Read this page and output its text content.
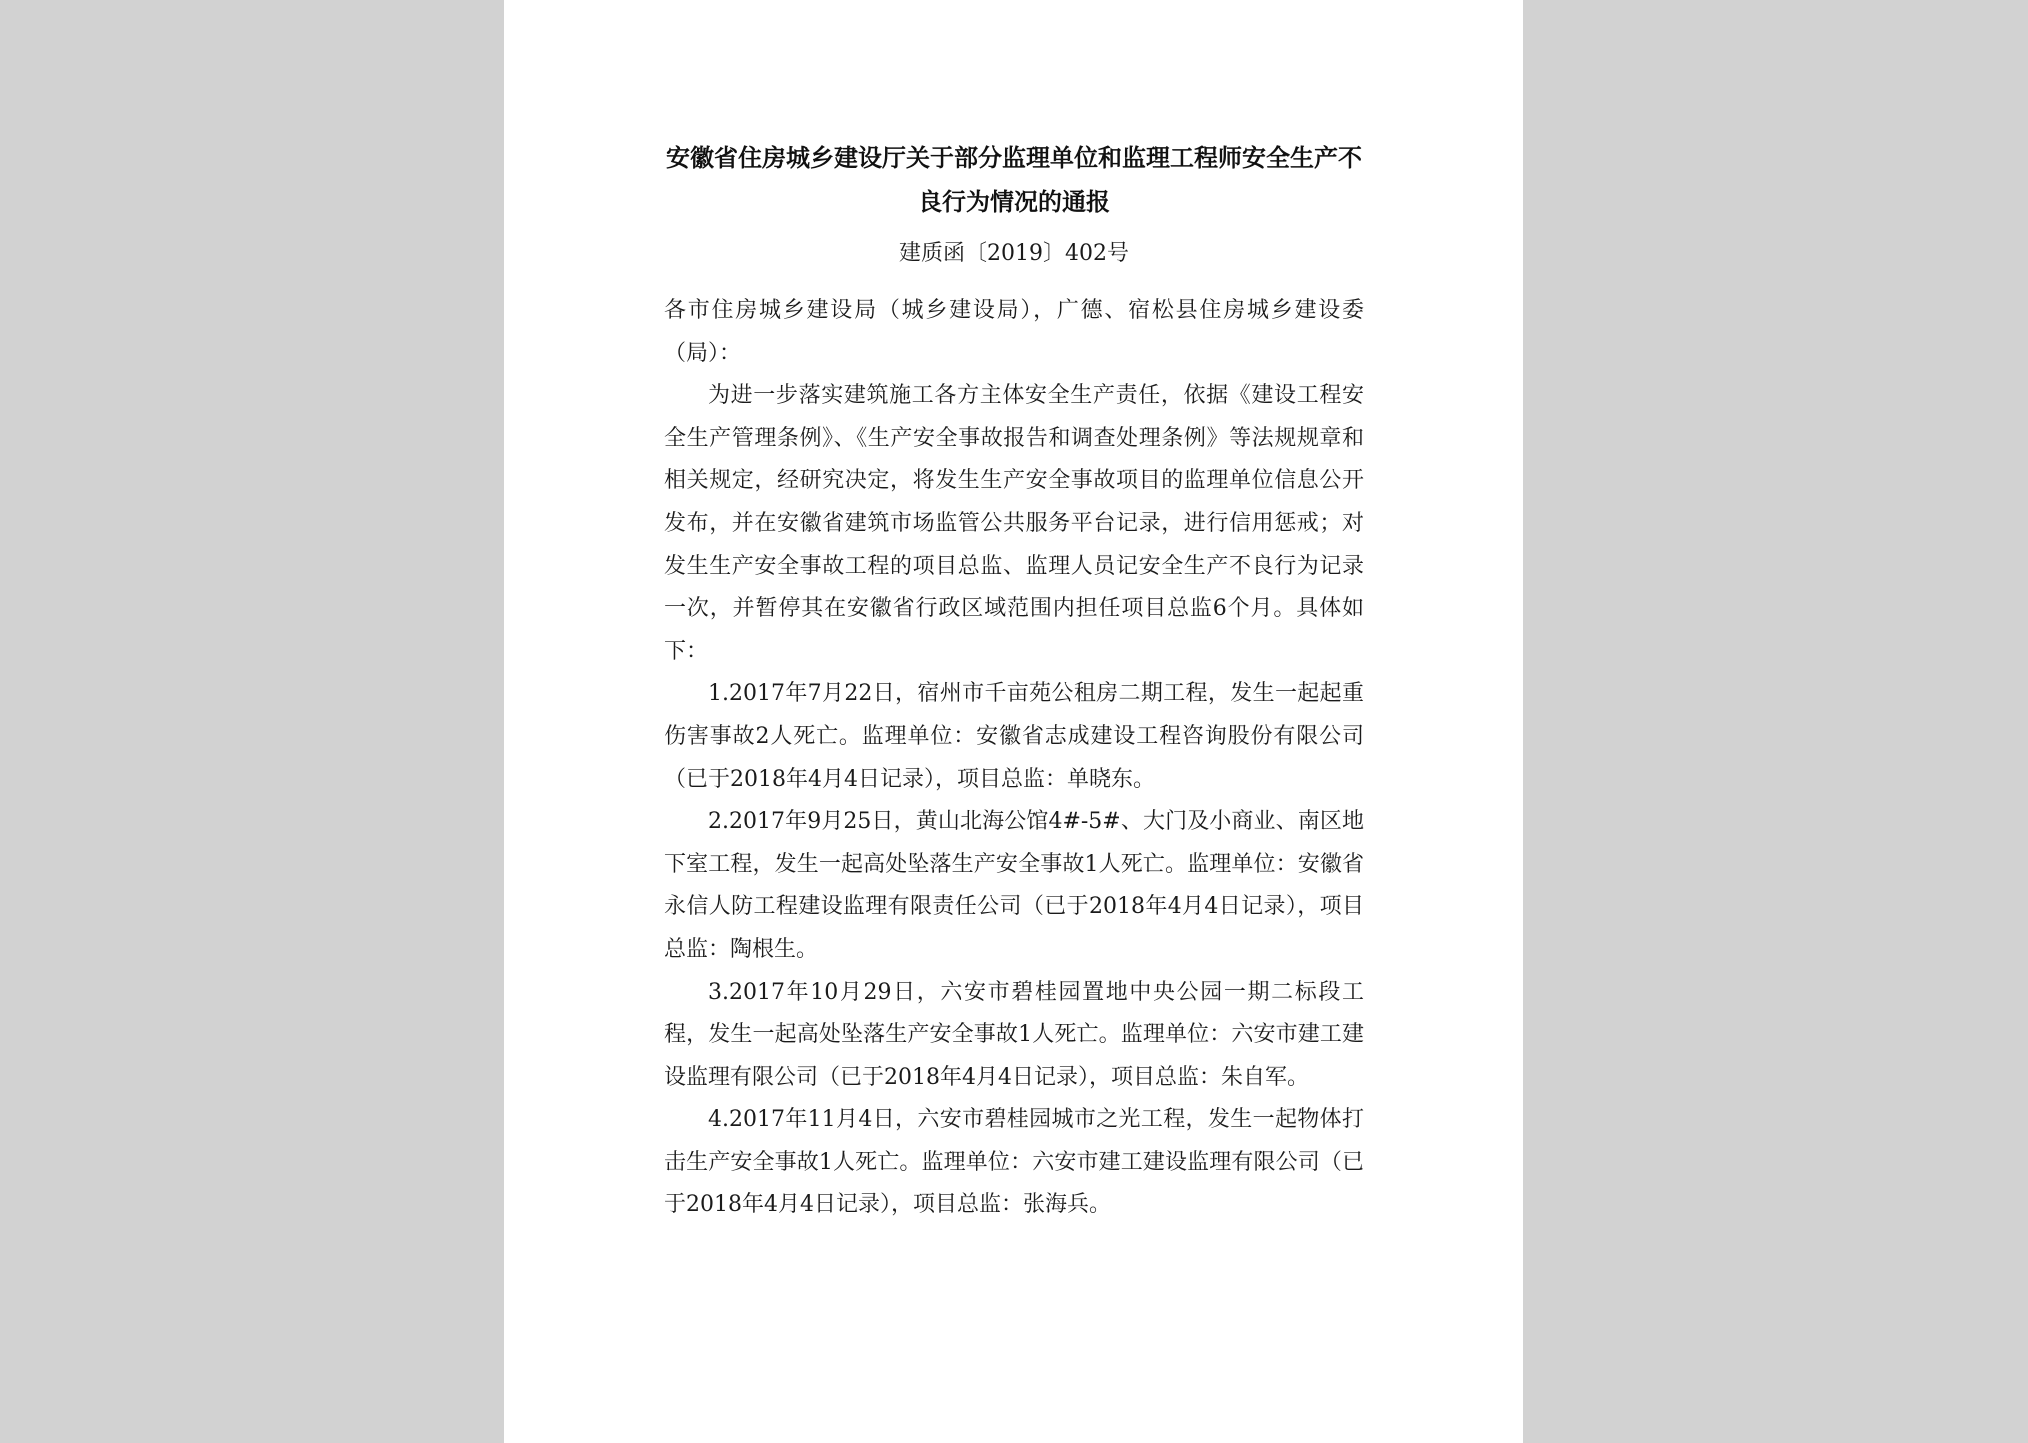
安徽省住房城乡建设厅关于部分监理单位和监理工程师安全生产不良行为情况的通报
建质函〔2019〕402号

各市住房城乡建设局（城乡建设局），广德、宿松县住房城乡建设委（局）：

为进一步落实建筑施工各方主体安全生产责任，依据《建设工程安全生产管理条例》、《生产安全事故报告和调查处理条例》等法规规章和相关规定，经研究决定，将发生生产安全事故项目的监理单位信息公开发布，并在安徽省建筑市场监管公共服务平台记录，进行信用惩戒；对发生生产安全事故工程的项目总监、监理人员记安全生产不良行为记录一次，并暂停其在安徽省行政区域范围内担任项目总监6个月。具体如下：

1.2017年7月22日，宿州市千亩苑公租房二期工程，发生一起起重伤害事故2人死亡。监理单位：安徽省志成建设工程咨询股份有限公司（已于2018年4月4日记录），项目总监：单晓东。

2.2017年9月25日，黄山北海公馆4#-5#、大门及小商业、南区地下室工程，发生一起高处坠落生产安全事故1人死亡。监理单位：安徽省永信人防工程建设监理有限责任公司（已于2018年4月4日记录），项目总监：陶根生。

3.2017年10月29日，六安市碧桂园置地中央公园一期二标段工程，发生一起高处坠落生产安全事故1人死亡。监理单位：六安市建工建设监理有限公司（已于2018年4月4日记录），项目总监：朱自军。

4.2017年11月4日，六安市碧桂园城市之光工程，发生一起物体打击生产安全事故1人死亡。监理单位：六安市建工建设监理有限公司（已于2018年4月4日记录），项目总监：张海兵。
